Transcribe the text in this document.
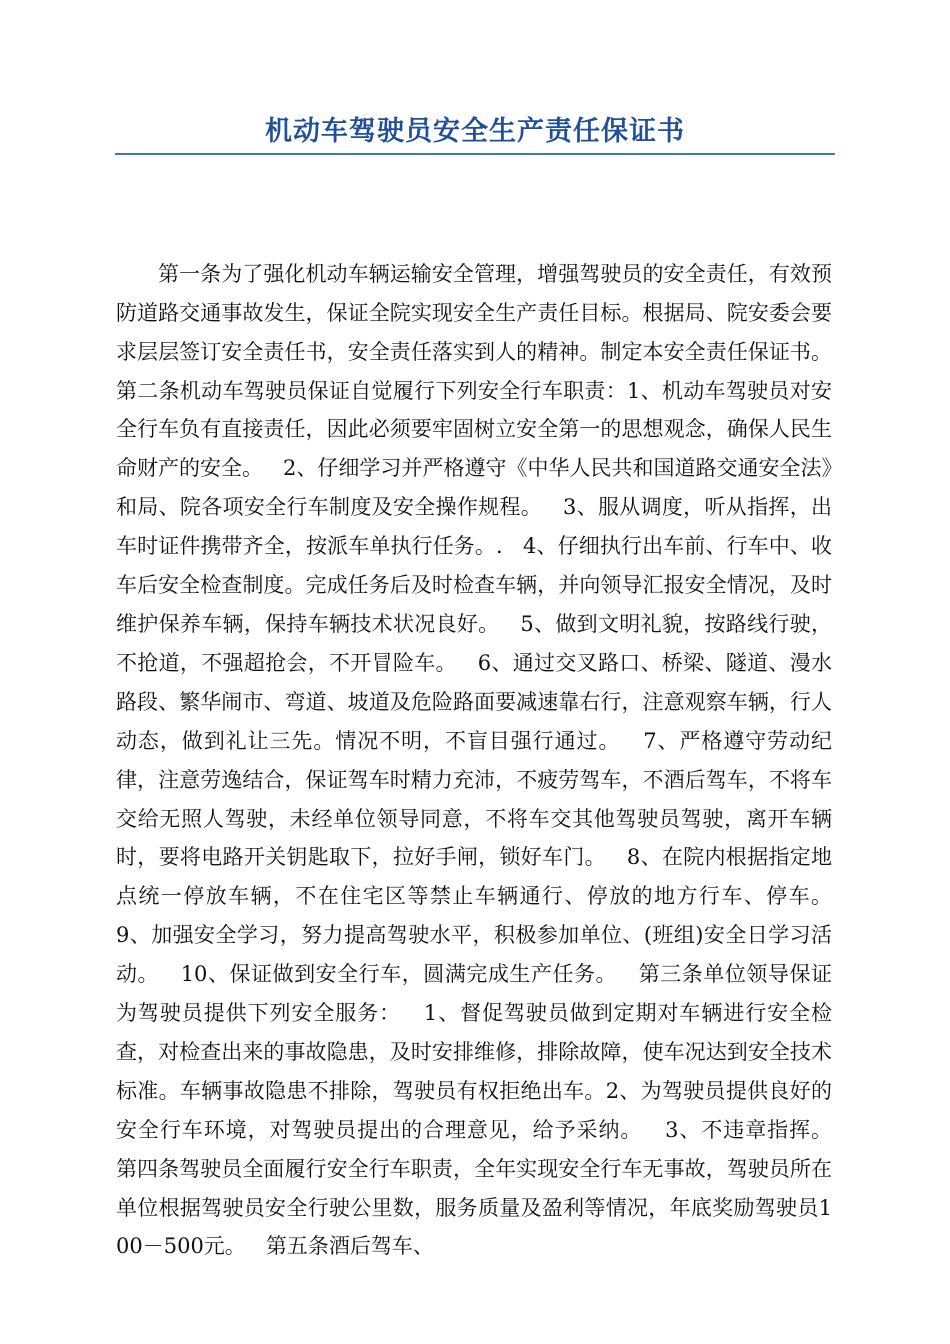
机动车驾驶员安全生产责任保证书

第一条为了强化机动车辆运输安全管理，增强驾驶员的安全责任，有效预防道路交通事故发生，保证全院实现安全生产责任目标。根据局、院安委会要求层层签订安全责任书，安全责任落实到人的精神。制定本安全责任保证书。   第二条机动车驾驶员保证自觉履行下列安全行车职责：1、机动车驾驶员对安全行车负有直接责任，因此必须要牢固树立安全第一的思想观念，确保人民生命财产的安全。   2、仔细学习并严格遵守《中华人民共和国道路交通安全法》和局、院各项安全行车制度及安全操作规程。   3、服从调度，听从指挥，出车时证件携带齐全，按派车单执行任务。.   4、仔细执行出车前、行车中、收车后安全检查制度。完成任务后及时检查车辆，并向领导汇报安全情况，及时维护保养车辆，保持车辆技术状况良好。   5、做到文明礼貌，按路线行驶，不抢道，不强超抢会，不开冒险车。   6、通过交叉路口、桥梁、隧道、漫水路段、繁华闹市、弯道、坡道及危险路面要减速靠右行，注意观察车辆，行人动态，做到礼让三先。情况不明，不盲目强行通过。   7、严格遵守劳动纪律，注意劳逸结合，保证驾车时精力充沛，不疲劳驾车，不酒后驾车，不将车交给无照人驾驶，未经单位领导同意，不将车交其他驾驶员驾驶，离开车辆时，要将电路开关钥匙取下，拉好手闸，锁好车门。   8、在院内根据指定地点统一停放车辆，不在住宅区等禁止车辆通行、停放的地方行车、停车。   9、加强安全学习，努力提高驾驶水平，积极参加单位、(班组)安全日学习活动。   10、保证做到安全行车，圆满完成生产任务。   第三条单位领导保证为驾驶员提供下列安全服务：   1、督促驾驶员做到定期对车辆进行安全检查，对检查出来的事故隐患，及时安排维修，排除故障，使车况达到安全技术标准。车辆事故隐患不排除，驾驶员有权拒绝出车。2、为驾驶员提供良好的安全行车环境，对驾驶员提出的合理意见，给予采纳。   3、不违章指挥。   第四条驾驶员全面履行安全行车职责，全年实现安全行车无事故，驾驶员所在单位根据驾驶员安全行驶公里数，服务质量及盈利等情况，年底奖励驾驶员100－500元。   第五条酒后驾车、
